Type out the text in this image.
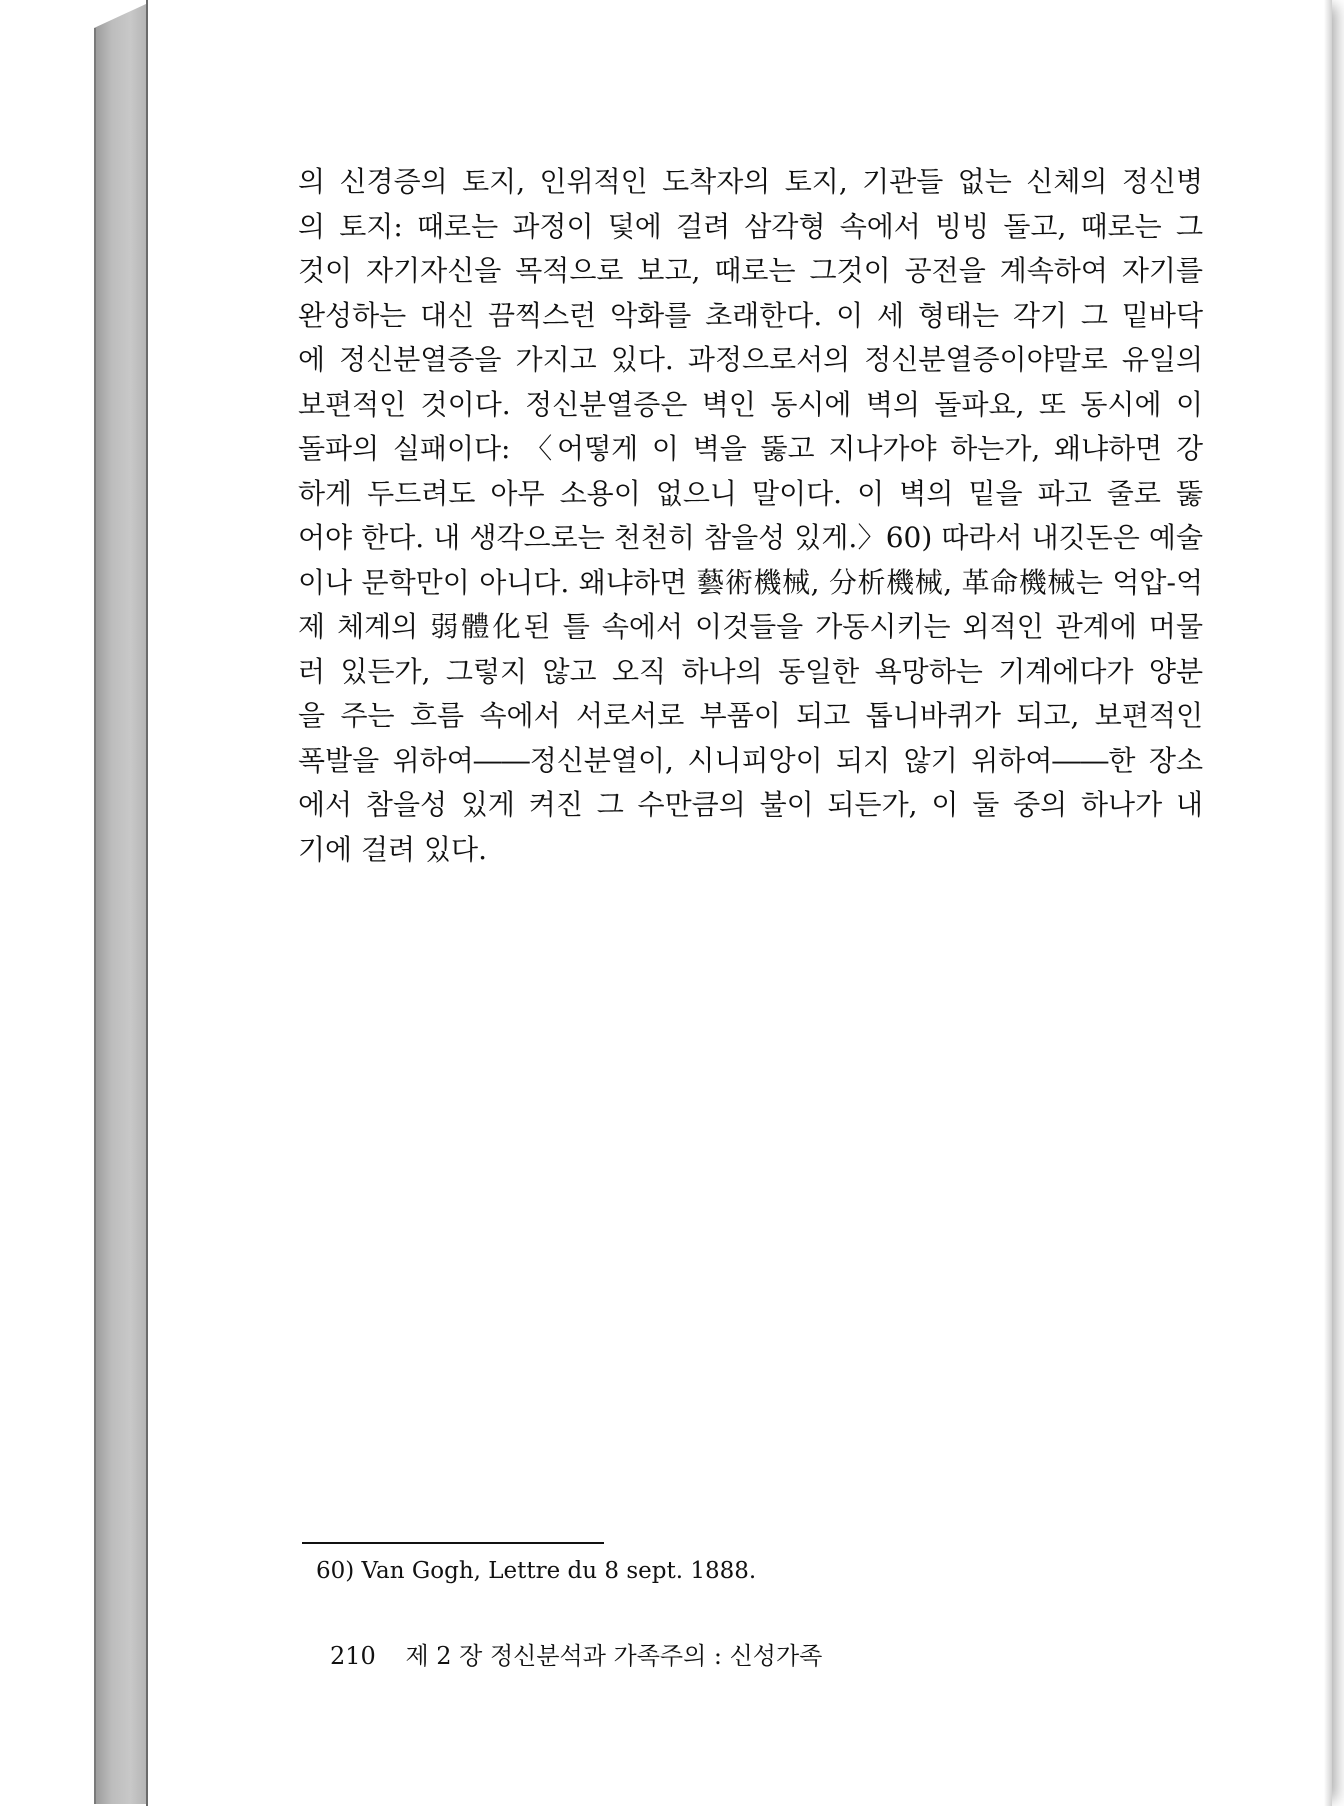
의 신경증의 토지, 인위적인 도착자의 토지, 기관들 없는 신체의 정신병
의 토지: 때로는 과정이 덫에 걸려 삼각형 속에서 빙빙 돌고, 때로는 그
것이 자기자신을 목적으로 보고, 때로는 그것이 공전을 계속하여 자기를
완성하는 대신 끔찍스런 악화를 초래한다. 이 세 형태는 각기 그 밑바닥
에 정신분열증을 가지고 있다. 과정으로서의 정신분열증이야말로 유일의
보편적인 것이다. 정신분열증은 벽인 동시에 벽의 돌파요, 또 동시에 이
돌파의 실패이다: 〈어떻게 이 벽을 뚫고 지나가야 하는가, 왜냐하면 강
하게 두드려도 아무 소용이 없으니 말이다. 이 벽의 밑을 파고 줄로 뚫
어야 한다. 내 생각으로는 천천히 참을성 있게.〉60) 따라서 내깃돈은 예술
이나 문학만이 아니다. 왜냐하면 藝術機械, 分析機械, 革命機械는 억압-억
제 체계의 弱體化된 틀 속에서 이것들을 가동시키는 외적인 관계에 머물
러 있든가, 그렇지 않고 오직 하나의 동일한 욕망하는 기계에다가 양분
을 주는 흐름 속에서 서로서로 부품이 되고 톱니바퀴가 되고, 보편적인
폭발을 위하여――정신분열이, 시니피앙이 되지 않기 위하여――한 장소
에서 참을성 있게 켜진 그 수만큼의 불이 되든가, 이 둘 중의 하나가 내
기에 걸려 있다.
60) Van Gogh, Lettre du 8 sept. 1888.
210 제 2 장 정신분석과 가족주의 : 신성가족
